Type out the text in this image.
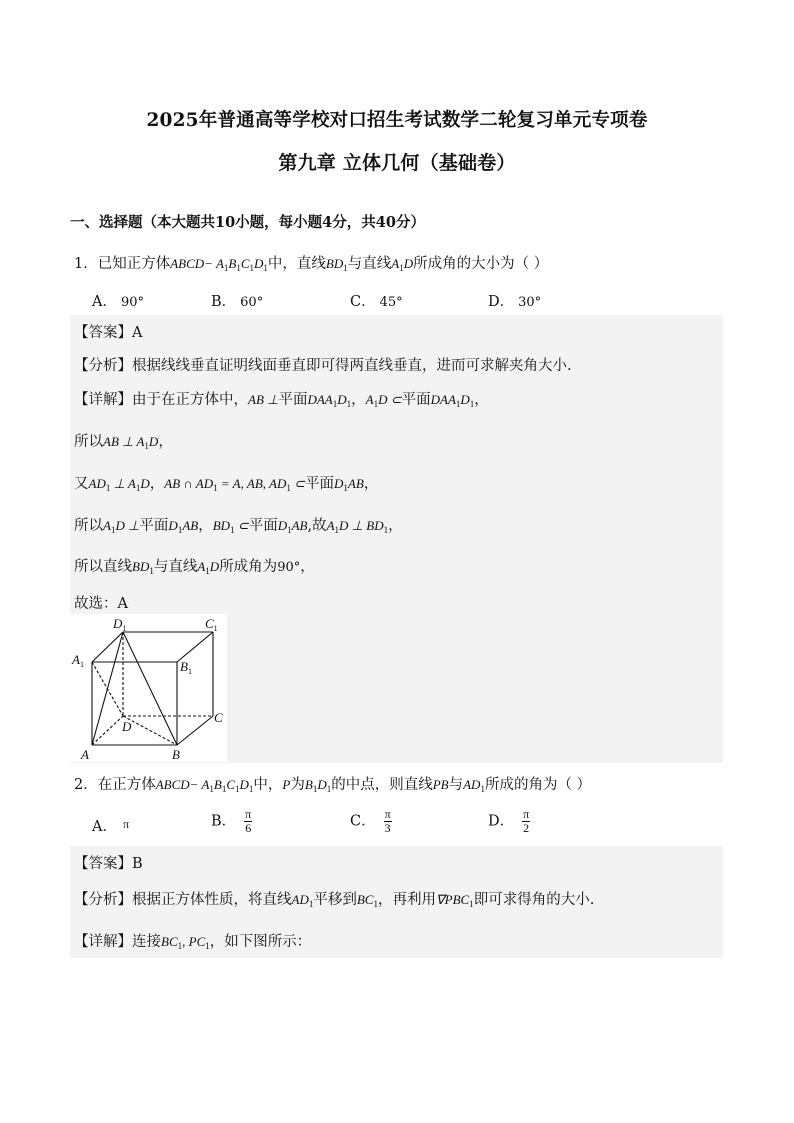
2025年普通高等学校对口招生考试数学二轮复习单元专项卷
第九章 立体几何（基础卷）
一、选择题（本大题共10小题，每小题4分，共40分）
1．已知正方体ABCD− $A_1B_1C_1D_1$中，直线$BD_1$与直线$A_1D$所成角的大小为（ ）
A． 90°	B． 60°	C． 45°	D． 30°
【答案】A
【分析】根据线线垂直证明线面垂直即可得两直线垂直，进而可求解夹角大小.
【详解】由于在正方体中，AB ⊥平面$DAA_1D_1$，$A_1D$ ⊂平面$DAA_1D_1$，
所以AB ⊥ $A_1D$，
又$AD_1$ ⊥ $A_1D$，AB ∩ $AD_1 = A$, AB, $AD_1$ ⊂平面$D_1AB$，
所以$A_1D$ ⊥平面$D_1AB$，$BD_1$ ⊂平面$D_1AB$,故$A_1D$ ⊥ $BD_1$，
所以直线$BD_1$与直线$A_1D$所成角为90°，
故选：A
$D_1$	$C_1$
$A_1$	$B_1$
D
C
A	B
2．在正方体ABCD− $A_1B_1C_1D_1$中，P为$B_1D_1$的中点，则直线PB与$AD_1$所成的角为（ ）
A． $^\pi$	B． $\frac{\pi}{6}$	C． $\frac{\pi}{3}$	D． $\frac{\pi}{2}$
【答案】B
【分析】根据正方体性质，将直线$AD_1$平移到$BC_1$，再利用$\nabla PBC_1$即可求得角的大小.
【详解】连接$BC_1$, $PC_1$，如下图所示：
